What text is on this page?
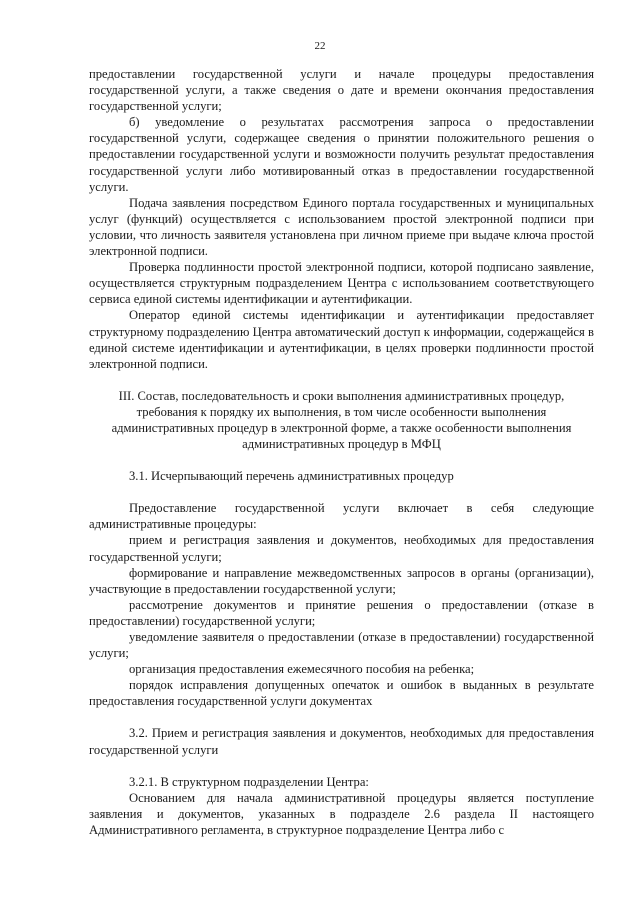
22

предоставлении государственной услуги и начале процедуры предоставления государственной услуги, а также сведения о дате и времени окончания предоставления государственной услуги;

б) уведомление о результатах рассмотрения запроса о предоставлении государственной услуги, содержащее сведения о принятии положительного решения о предоставлении государственной услуги и возможности получить результат предоставления государственной услуги либо мотивированный отказ в предоставлении государственной услуги.

Подача заявления посредством Единого портала государственных и муниципальных услуг (функций) осуществляется с использованием простой электронной подписи при условии, что личность заявителя установлена при личном приеме при выдаче ключа простой электронной подписи.

Проверка подлинности простой электронной подписи, которой подписано заявление, осуществляется структурным подразделением Центра с использованием соответствующего сервиса единой системы идентификации и аутентификации.

Оператор единой системы идентификации и аутентификации предоставляет структурному подразделению Центра автоматический доступ к информации, содержащейся в единой системе идентификации и аутентификации, в целях проверки подлинности простой электронной подписи.

III. Состав, последовательность и сроки выполнения административных процедур, требования к порядку их выполнения, в том числе особенности выполнения административных процедур в электронной форме, а также особенности выполнения административных процедур в МФЦ

3.1. Исчерпывающий перечень административных процедур

Предоставление государственной услуги включает в себя следующие административные процедуры:

прием и регистрация заявления и документов, необходимых для предоставления государственной услуги;

формирование и направление межведомственных запросов в органы (организации), участвующие в предоставлении государственной услуги;

рассмотрение документов и принятие решения о предоставлении (отказе в предоставлении) государственной услуги;

уведомление заявителя о предоставлении (отказе в предоставлении) государственной услуги;

организация предоставления ежемесячного пособия на ребенка;

порядок исправления допущенных опечаток и ошибок в выданных в результате предоставления государственной услуги документах

3.2. Прием и регистрация заявления и документов, необходимых для предоставления государственной услуги

3.2.1. В структурном подразделении Центра:

Основанием для начала административной процедуры является поступление заявления и документов, указанных в подразделе 2.6 раздела II настоящего Административного регламента, в структурное подразделение Центра либо с
